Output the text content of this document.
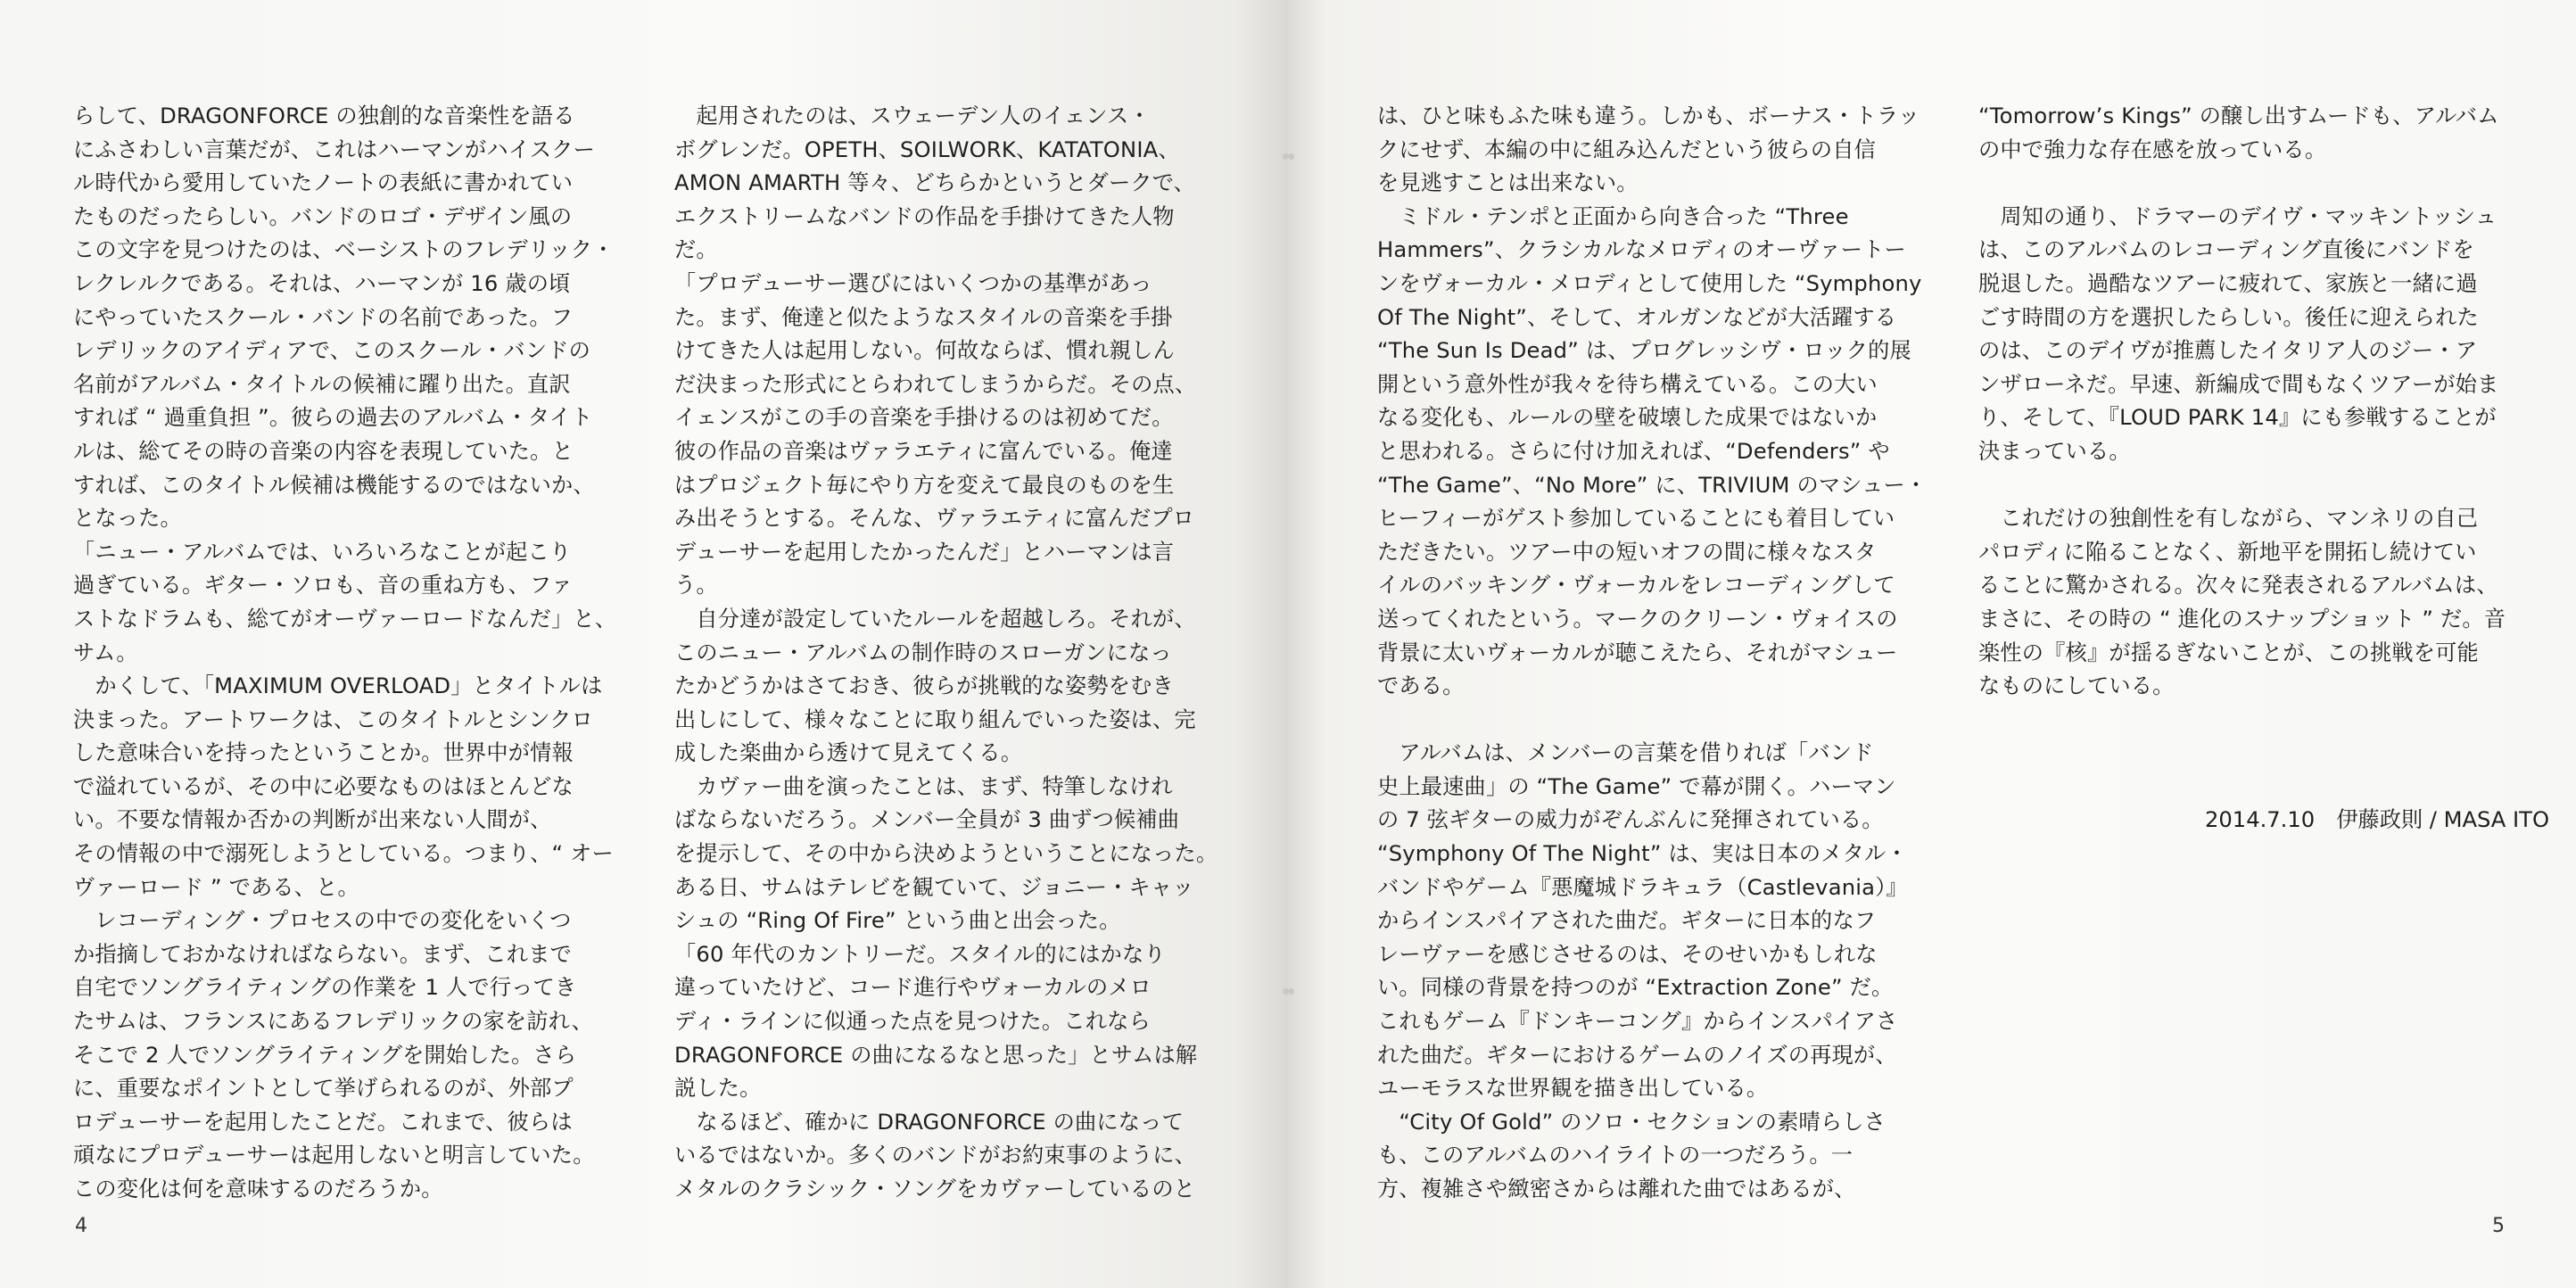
らして、DRAGONFORCE の独創的な音楽性を語る
にふさわしい言葉だが、これはハーマンがハイスクー
ル時代から愛用していたノートの表紙に書かれてい
たものだったらしい。バンドのロゴ・デザイン風の
この文字を見つけたのは、ベーシストのフレデリック・
レクレルクである。それは、ハーマンが 16 歳の頃
にやっていたスクール・バンドの名前であった。フ
レデリックのアイディアで、このスクール・バンドの
名前がアルバム・タイトルの候補に躍り出た。直訳
すれば “ 過重負担 ”。彼らの過去のアルバム・タイト
ルは、総てその時の音楽の内容を表現していた。と
すれば、このタイトル候補は機能するのではないか、
となった。

「ニュー・アルバムでは、いろいろなことが起こり
過ぎている。ギター・ソロも、音の重ね方も、ファ
ストなドラムも、総てがオーヴァーロードなんだ」と、
サム。

　かくして、「MAXIMUM OVERLOAD」とタイトルは
決まった。アートワークは、このタイトルとシンクロ
した意味合いを持ったということか。世界中が情報
で溢れているが、その中に必要なものはほとんどな
い。不要な情報か否かの判断が出来ない人間が、
その情報の中で溺死しようとしている。つまり、“ オー
ヴァーロード ” である、と。

　レコーディング・プロセスの中での変化をいくつ
か指摘しておかなければならない。まず、これまで
自宅でソングライティングの作業を 1 人で行ってき
たサムは、フランスにあるフレデリックの家を訪れ、
そこで 2 人でソングライティングを開始した。さら
に、重要なポイントとして挙げられるのが、外部プ
ロデューサーを起用したことだ。これまで、彼らは
頑なにプロデューサーは起用しないと明言していた。
この変化は何を意味するのだろうか。

　起用されたのは、スウェーデン人のイェンス・
ボグレンだ。OPETH、SOILWORK、KATATONIA、
AMON AMARTH 等々、どちらかというとダークで、
エクストリームなバンドの作品を手掛けてきた人物
だ。

「プロデューサー選びにはいくつかの基準があっ
た。まず、俺達と似たようなスタイルの音楽を手掛
けてきた人は起用しない。何故ならば、慣れ親しん
だ決まった形式にとらわれてしまうからだ。その点、
イェンスがこの手の音楽を手掛けるのは初めてだ。
彼の作品の音楽はヴァラエティに富んでいる。俺達
はプロジェクト毎にやり方を変えて最良のものを生
み出そうとする。そんな、ヴァラエティに富んだプロ
デューサーを起用したかったんだ」とハーマンは言
う。

　自分達が設定していたルールを超越しろ。それが、
このニュー・アルバムの制作時のスローガンになっ
たかどうかはさておき、彼らが挑戦的な姿勢をむき
出しにして、様々なことに取り組んでいった姿は、完
成した楽曲から透けて見えてくる。

　カヴァー曲を演ったことは、まず、特筆しなけれ
ばならないだろう。メンバー全員が 3 曲ずつ候補曲
を提示して、その中から決めようということになった。
ある日、サムはテレビを観ていて、ジョニー・キャッ
シュの “Ring Of Fire” という曲と出会った。

「60 年代のカントリーだ。スタイル的にはかなり
違っていたけど、コード進行やヴォーカルのメロ
ディ・ラインに似通った点を見つけた。これなら
DRAGONFORCE の曲になるなと思った」とサムは解
説した。

　なるほど、確かに DRAGONFORCE の曲になって
いるではないか。多くのバンドがお約束事のように、
メタルのクラシック・ソングをカヴァーしているのと

4

は、ひと味もふた味も違う。しかも、ボーナス・トラッ
クにせず、本編の中に組み込んだという彼らの自信
を見逃すことは出来ない。

　ミドル・テンポと正面から向き合った “Three
Hammers”、クラシカルなメロディのオーヴァートー
ンをヴォーカル・メロディとして使用した “Symphony
Of The Night”、そして、オルガンなどが大活躍する
“The Sun Is Dead” は、プログレッシヴ・ロック的展
開という意外性が我々を待ち構えている。この大い
なる変化も、ルールの壁を破壊した成果ではないか
と思われる。さらに付け加えれば、“Defenders” や
“The Game”、“No More” に、TRIVIUM のマシュー・
ヒーフィーがゲスト参加していることにも着目してい
ただきたい。ツアー中の短いオフの間に様々なスタ
イルのバッキング・ヴォーカルをレコーディングして
送ってくれたという。マークのクリーン・ヴォイスの
背景に太いヴォーカルが聴こえたら、それがマシュー
である。

　アルバムは、メンバーの言葉を借りれば「バンド
史上最速曲」の “The Game” で幕が開く。ハーマン
の 7 弦ギターの威力がぞんぶんに発揮されている。
“Symphony Of The Night” は、実は日本のメタル・
バンドやゲーム『悪魔城ドラキュラ（Castlevania）』
からインスパイアされた曲だ。ギターに日本的なフ
レーヴァーを感じさせるのは、そのせいかもしれな
い。同様の背景を持つのが “Extraction Zone” だ。
これもゲーム『ドンキーコング』からインスパイアさ
れた曲だ。ギターにおけるゲームのノイズの再現が、
ユーモラスな世界観を描き出している。

　“City Of Gold” のソロ・セクションの素晴らしさ
も、このアルバムのハイライトの一つだろう。一
方、複雑さや緻密さからは離れた曲ではあるが、

“Tomorrow’s Kings” の醸し出すムードも、アルバム
の中で強力な存在感を放っている。

　周知の通り、ドラマーのデイヴ・マッキントッシュ
は、このアルバムのレコーディング直後にバンドを
脱退した。過酷なツアーに疲れて、家族と一緒に過
ごす時間の方を選択したらしい。後任に迎えられた
のは、このデイヴが推薦したイタリア人のジー・ア
ンザローネだ。早速、新編成で間もなくツアーが始ま
り、そして、『LOUD PARK 14』にも参戦することが
決まっている。

　これだけの独創性を有しながら、マンネリの自己
パロディに陥ることなく、新地平を開拓し続けてい
ることに驚かされる。次々に発表されるアルバムは、
まさに、その時の “ 進化のスナップショット ” だ。音
楽性の『核』が揺るぎないことが、この挑戦を可能
なものにしている。

2014.7.10　伊藤政則 / MASA ITO
5
